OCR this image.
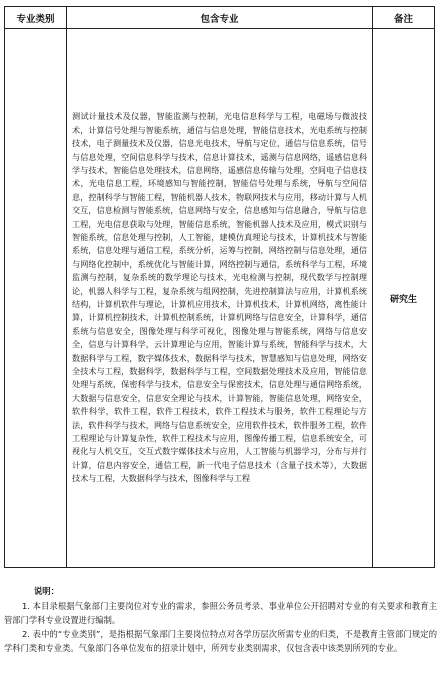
专业类别	包含专业	备注
	测试计量技术及仪器，智能监测与控制，光电信息科学与工程，电磁场与微波技术，计算信号处理与智能系统，通信与信息处理，智能信息技术，光电系统与控制技术，电子测量技术及仪器，信息光电技术，导航与定位，通信与信息系统，信号与信息处理，空间信息科学与技术，信息计算技术，遥测与信息网络，遥感信息科学与技术，智能信息处理技术，信息网络，遥感信息传输与处理，空间电子信息技术，光电信息工程，环境感知与智能控制，智能信号处理与系统，导航与空间信息，控制科学与智能工程，智能机器人技术，物联网技术与应用，移动计算与人机交互，信息检测与智能系统，信息网络与安全，信息感知与信息融合，导航与信息工程，光电信息获取与处理，智能信息系统，智能机器人技术及应用，模式识别与智能系统，信息处理与控制，人工智能，建模仿真理论与技术，计算机技术与智能系统，信息处理与通信工程，系统分析，运筹与控制，网络控制与信息处理，通信与网络化控制中，系统优化与智能计算，网络控制与通信，系统科学与工程，环境监测与控制，复杂系统的数学理论与技术，光电检测与控制，现代数学与控制理论，机器人科学与工程，复杂系统与组网控制，先进控制算法与应用，计算机系统结构，计算机软件与理论，计算机应用技术，计算机技术，计算机网络，离性能计算，计算机控制技术，计算机控制系统，计算机网络与信息安全，计算科学，通信系统与信息安全，图像处理与科学可视化，图像处理与智能系统，网络与信息安全，信息与计算科学，云计算理论与应用，智能计算与系统，智能科学与技术，大数据科学与工程，数字媒体技术，数据科学与技术，智慧感知与信息处理，网络安全技术与工程，数据科学，数据科学与工程，空间数据处理技术及应用，智能信息处理与系统，保密科学与技术，信息安全与保密技术，信息处理与通信网络系统，大数据与信息安全，信息安全理论与技术，计算智能，智能信息处理，网络安全，软件科学，软件工程，软件工程技术，软件工程技术与服务，软件工程理论与方法，软件科学与技术，网络与信息系统安全，应用软件技术，软件服务工程，软件工程理论与计算复杂性，软件工程技术与应用，图像传播工程，信息系统安全，可视化与人机交互，交互式数字媒体技术与应用，人工智能与机器学习，分布与并行计算，信息内容安全，通信工程，新一代电子信息技术（含量子技术等），大数据技术与工程，大数据科学与技术，图像科学与工程	研究生
说明：

1. 本目录根据气象部门主要岗位对专业的需求，参照公务员考录、事业单位公开招聘对专业的有关要求和教育主管部门学科专业设置进行编制。

2. 表中的“专业类别”，是指根据气象部门主要岗位特点对各学历层次所需专业的归类，不是教育主管部门规定的学科门类和专业类。气象部门各单位发布的招录计划中，所列专业类别需求，仅包含表中该类别所列的专业。
